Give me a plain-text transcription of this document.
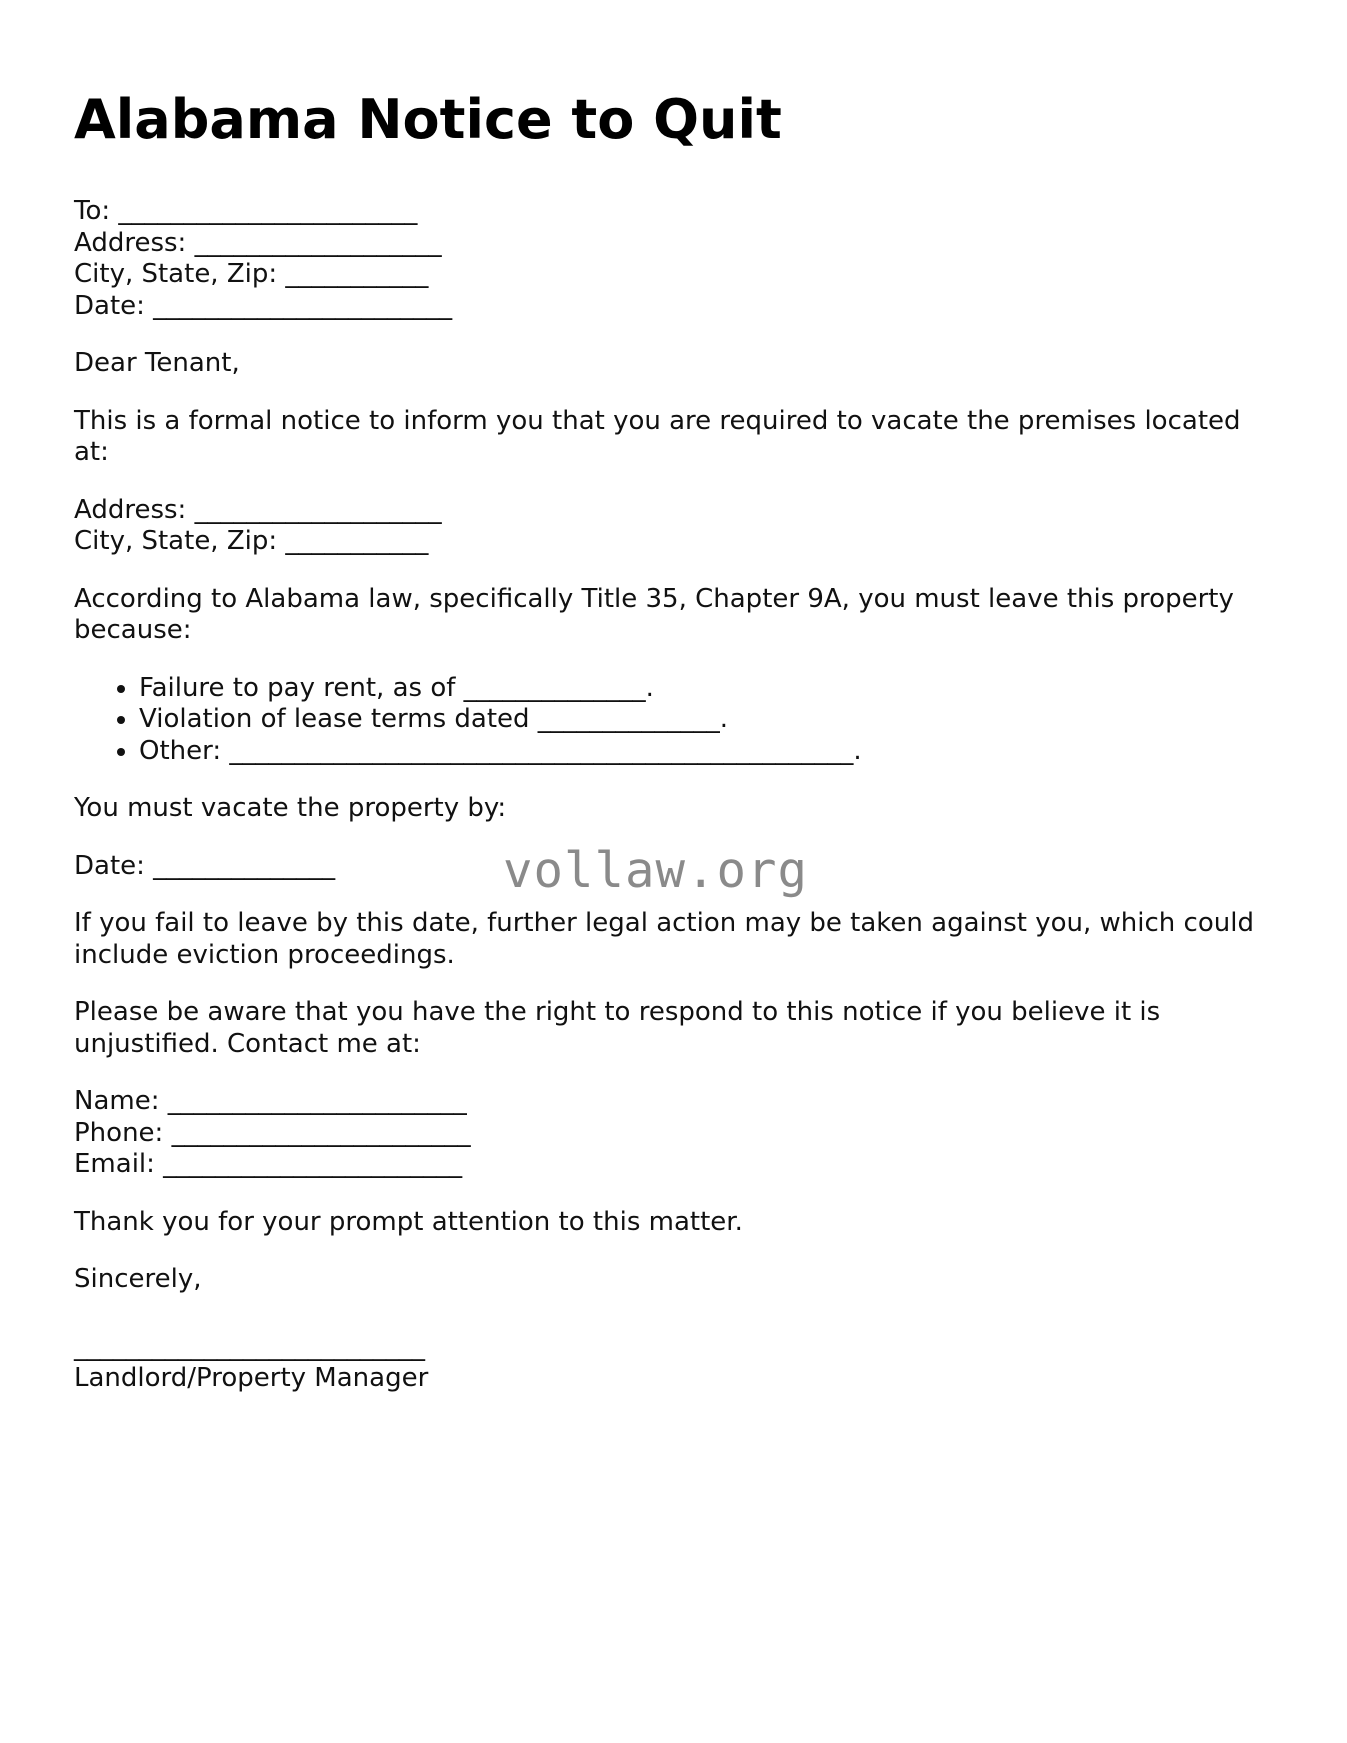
Alabama Notice to Quit
To: _______________________
Address: ___________________
City, State, Zip: ___________
Date: _______________________

Dear Tenant,

This is a formal notice to inform you that you are required to vacate the premises located at:

Address: ___________________
City, State, Zip: ___________

According to Alabama law, specifically Title 35, Chapter 9A, you must leave this property because:

• Failure to pay rent, as of ______________.
• Violation of lease terms dated ______________.
• Other: ________________________________________________.

You must vacate the property by:

Date: ______________

If you fail to leave by this date, further legal action may be taken against you, which could include eviction proceedings.

Please be aware that you have the right to respond to this notice if you believe it is unjustified. Contact me at:

Name: _______________________
Phone: _______________________
Email: _______________________

Thank you for your prompt attention to this matter.

Sincerely,

___________________________
Landlord/Property Manager
vollaw.org
